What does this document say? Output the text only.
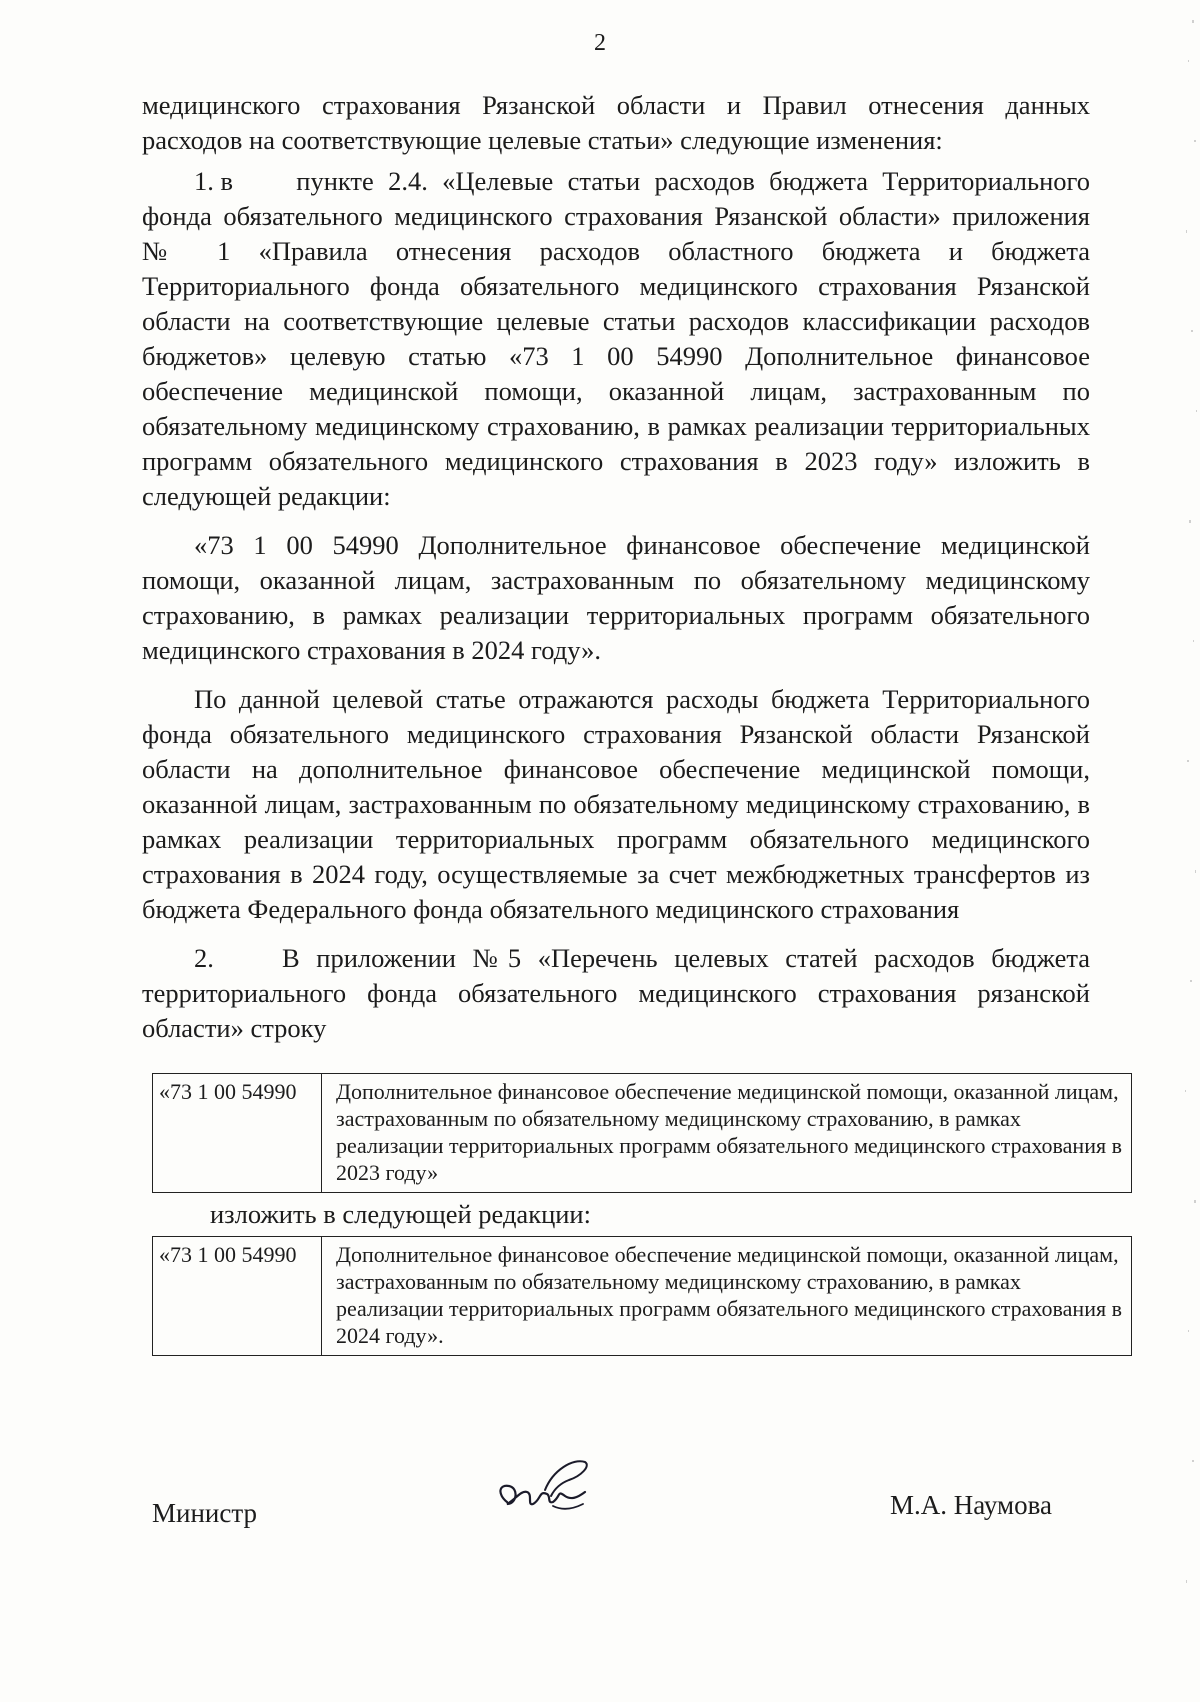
2

медицинского страхования Рязанской области и Правил отнесения данных расходов на соответствующие целевые статьи» следующие изменения:

1. в пункте 2.4. «Целевые статьи расходов бюджета Территориального фонда обязательного медицинского страхования Рязанской области» приложения № 1 «Правила отнесения расходов областного бюджета и бюджета Территориального фонда обязательного медицинского страхования Рязанской области на соответствующие целевые статьи расходов классификации расходов бюджетов» целевую статью «73 1 00 54990 Дополнительное финансовое обеспечение медицинской помощи, оказанной лицам, застрахованным по обязательному медицинскому страхованию, в рамках реализации территориальных программ обязательного медицинского страхования в 2023 году» изложить в следующей редакции:

«73 1 00 54990 Дополнительное финансовое обеспечение медицинской помощи, оказанной лицам, застрахованным по обязательному медицинскому страхованию, в рамках реализации территориальных программ обязательного медицинского страхования в 2024 году».

По данной целевой статье отражаются расходы бюджета Территориального фонда обязательного медицинского страхования Рязанской области Рязанской области на дополнительное финансовое обеспечение медицинской помощи, оказанной лицам, застрахованным по обязательному медицинскому страхованию, в рамках реализации территориальных программ обязательного медицинского страхования в 2024 году, осуществляемые за счет межбюджетных трансфертов из бюджета Федерального фонда обязательного медицинского страхования

2.	В приложении №5 «Перечень целевых статей расходов бюджета территориального фонда обязательного медицинского страхования рязанской области» строку

«73 1 00 54990	Дополнительное финансовое обеспечение медицинской помощи, оказанной лицам, застрахованным по обязательному медицинскому страхованию, в рамках реализации территориальных программ обязательного медицинского страхования в 2023 году»
изложить в следующей редакции:
«73 1 00 54990	Дополнительное финансовое обеспечение медицинской помощи, оказанной лицам, застрахованным по обязательному медицинскому страхованию, в рамках реализации территориальных программ обязательного медицинского страхования в 2024 году».
Министр	М.А. Наумова
